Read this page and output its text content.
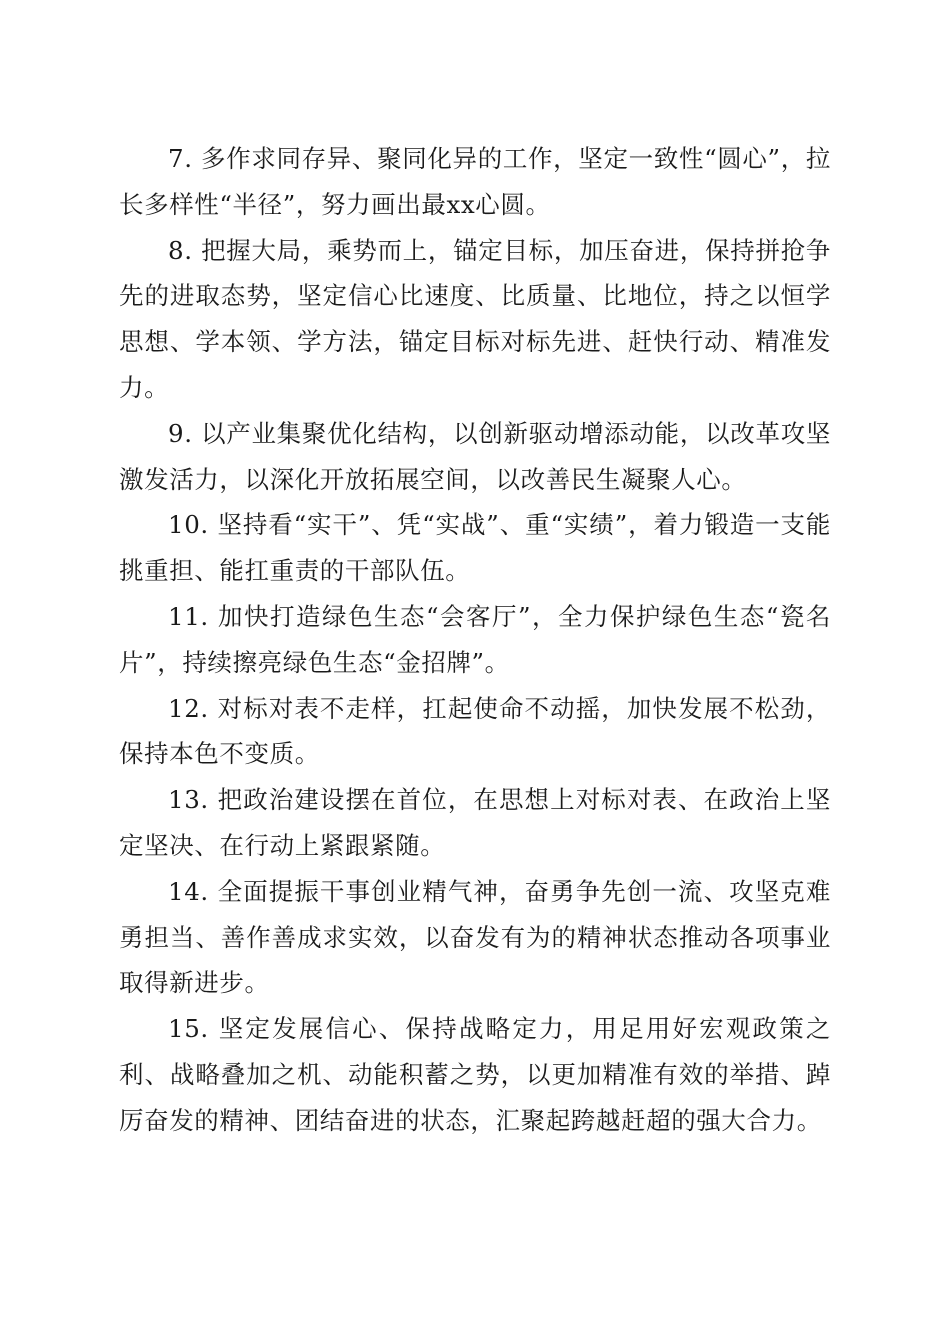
7. 多作求同存异、聚同化异的工作，坚定一致性“圆心”，拉长多样性“半径”，努力画出最xx心圆。

8. 把握大局，乘势而上，锚定目标，加压奋进，保持拼抢争先的进取态势，坚定信心比速度、比质量、比地位，持之以恒学思想、学本领、学方法，锚定目标对标先进、赶快行动、精准发力。

9. 以产业集聚优化结构，以创新驱动增添动能，以改革攻坚激发活力，以深化开放拓展空间，以改善民生凝聚人心。

10. 坚持看“实干”、凭“实战”、重“实绩”，着力锻造一支能挑重担、能扛重责的干部队伍。

11. 加快打造绿色生态“会客厅”，全力保护绿色生态“瓷名片”，持续擦亮绿色生态“金招牌”。

12. 对标对表不走样，扛起使命不动摇，加快发展不松劲，保持本色不变质。

13. 把政治建设摆在首位，在思想上对标对表、在政治上坚定坚决、在行动上紧跟紧随。

14. 全面提振干事创业精气神，奋勇争先创一流、攻坚克难勇担当、善作善成求实效，以奋发有为的精神状态推动各项事业取得新进步。

15. 坚定发展信心、保持战略定力，用足用好宏观政策之利、战略叠加之机、动能积蓄之势，以更加精准有效的举措、踔厉奋发的精神、团结奋进的状态，汇聚起跨越赶超的强大合力。
